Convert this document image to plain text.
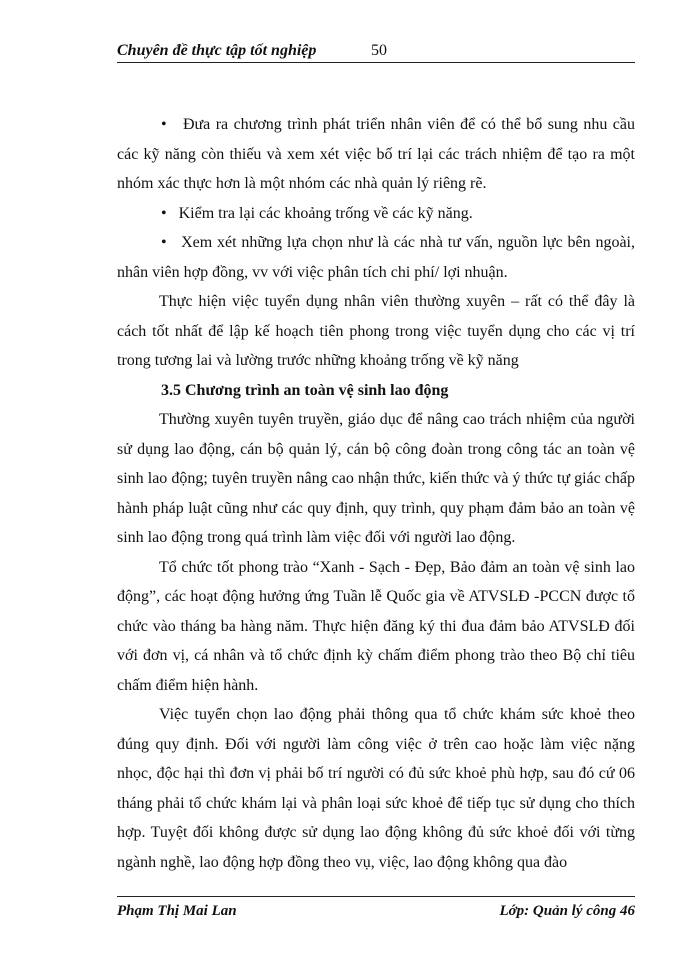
Chuyên đề thực tập tốt nghiệp	50

•   Đưa ra chương trình phát triển nhân viên để có thể bổ sung nhu cầu các kỹ năng còn thiếu và xem xét việc bố trí lại các trách nhiệm để tạo ra một nhóm xác thực hơn là một nhóm các nhà quản lý riêng rẽ.

•   Kiểm tra lại các khoảng trống về các kỹ năng.

•   Xem xét những lựa chọn như là các nhà tư vấn, nguồn lực bên ngoài, nhân viên hợp đồng, vv với việc phân tích chi phí/ lợi nhuận.

Thực hiện việc tuyển dụng nhân viên thường xuyên – rất có thể đây là cách tốt nhất để lập kế hoạch tiên phong trong việc tuyển dụng cho các vị trí trong tương lai và lường trước những khoảng trống về kỹ năng

3.5 Chương trình an toàn vệ sinh lao động

Thường xuyên tuyên truyền, giáo dục để nâng cao trách nhiệm của người sử dụng lao động, cán bộ quản lý, cán bộ công đoàn trong công tác an toàn vệ sinh lao động; tuyên truyền nâng cao nhận thức, kiến thức và ý thức tự giác chấp hành pháp luật cũng như các quy định, quy trình, quy phạm đảm bảo an toàn vệ sinh lao động trong quá trình làm việc đối với người lao động.

Tổ chức tốt phong trào “Xanh - Sạch - Đẹp, Bảo đảm an toàn vệ sinh lao động”, các hoạt động hưởng ứng Tuần lễ Quốc gia về ATVSLĐ -PCCN được tổ chức vào tháng ba hàng năm. Thực hiện đăng ký thi đua đảm bảo ATVSLĐ đối với đơn vị, cá nhân và tổ chức định kỳ chấm điểm phong trào theo Bộ chỉ tiêu chấm điểm hiện hành.

Việc tuyển chọn lao động phải thông qua tổ chức khám sức khoẻ theo đúng quy định. Đối với người làm công việc ở trên cao hoặc làm việc nặng nhọc, độc hại thì đơn vị phải bố trí người có đủ sức khoẻ phù hợp, sau đó cứ 06 tháng phải tổ chức khám lại và phân loại sức khoẻ để tiếp tục sử dụng cho thích hợp. Tuyệt đối không được sử dụng lao động không đủ sức khoẻ đối với từng ngành nghề, lao động hợp đồng theo vụ, việc, lao động không qua đào

Phạm Thị Mai Lan	Lớp: Quản lý công 46
